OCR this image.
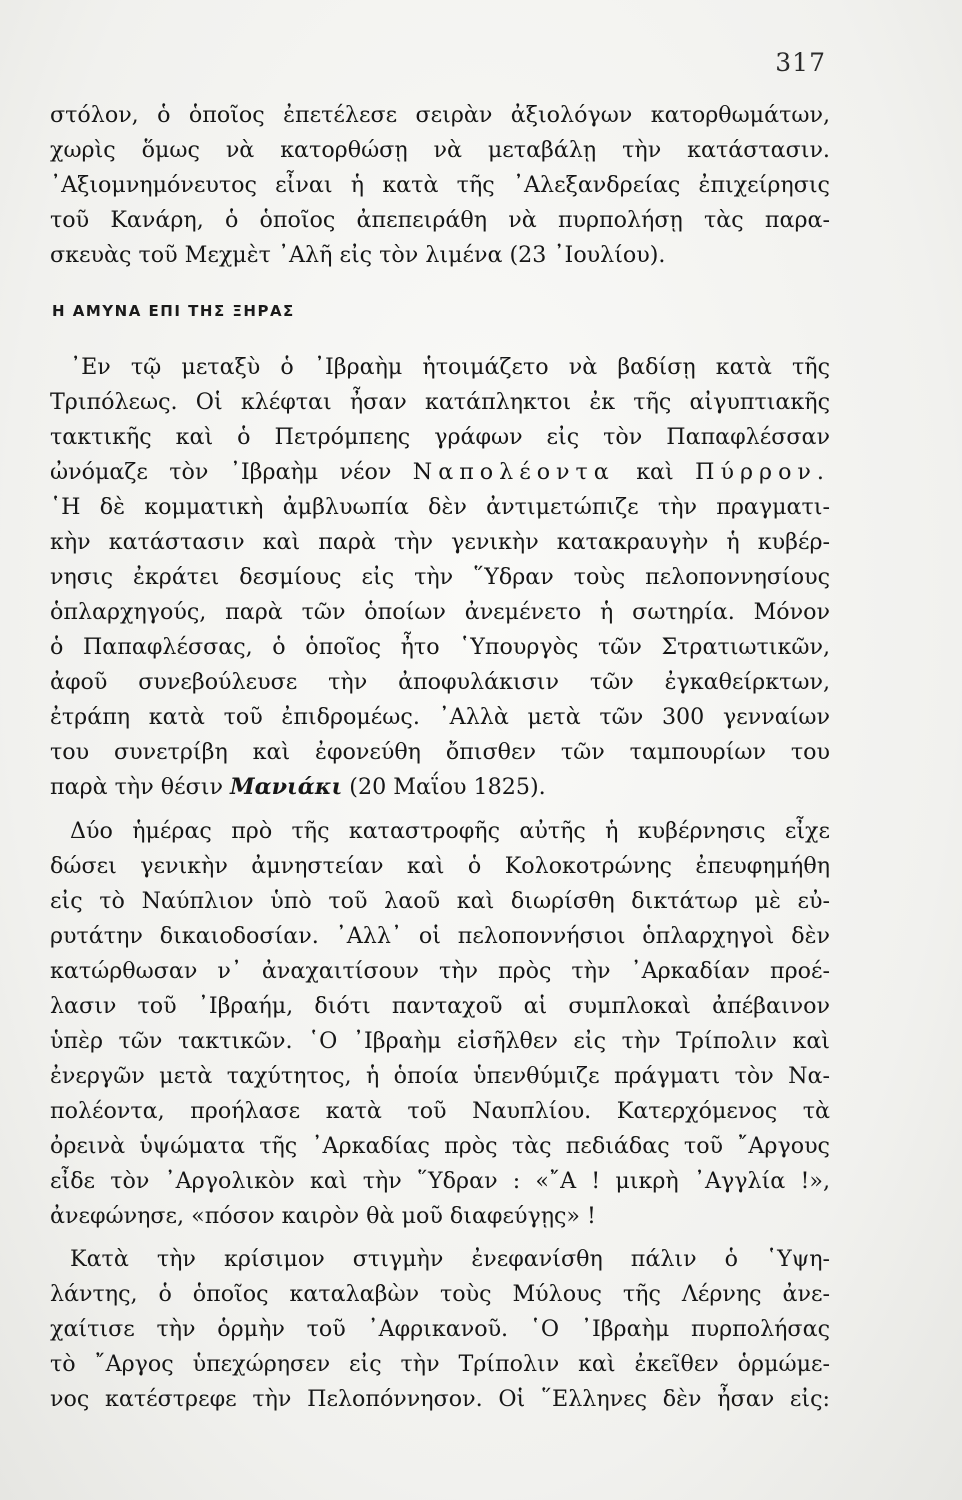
317
στόλον, ὁ ὁποῖος ἐπετέλεσε σειρὰν ἀξιολόγων κατορθωμάτων,
χωρὶς ὅμως νὰ κατορθώσῃ νὰ μεταβάλῃ τὴν κατάστασιν.
᾿Αξιομνημόνευτος εἶναι ἡ κατὰ τῆς ᾿Αλεξανδρείας ἐπιχείρησις
τοῦ Κανάρη, ὁ ὁποῖος ἀπεπειράθη νὰ πυρπολήσῃ τὰς παρα-
σκευὰς τοῦ Μεχμὲτ ᾿Αλῆ εἰς τὸν λιμένα (23 ᾿Ιουλίου).
Η ΑΜΥΝΑ ΕΠΙ ΤΗΣ ΞΗΡΑΣ
᾿Εν τῷ μεταξὺ ὁ ᾿Ιβραὴμ ἡτοιμάζετο νὰ βαδίσῃ κατὰ τῆς
Τριπόλεως. Οἱ κλέφται ἦσαν κατάπληκτοι ἐκ τῆς αἰγυπτιακῆς
τακτικῆς καὶ ὁ Πετρόμπεης γράφων εἰς τὸν Παπαφλέσσαν
ὠνόμαζε τὸν ᾿Ιβραὴμ νέον Ναπολέοντα καὶ Πύρρον.
῾Η δὲ κομματικὴ ἀμβλυωπία δὲν ἀντιμετώπιζε τὴν πραγματι-
κὴν κατάστασιν καὶ παρὰ τὴν γενικὴν κατακραυγὴν ἡ κυβέρ-
νησις ἐκράτει δεσμίους εἰς τὴν ῞Υδραν τοὺς πελοποννησίους
ὁπλαρχηγούς, παρὰ τῶν ὁποίων ἀνεμένετο ἡ σωτηρία. Μόνον
ὁ Παπαφλέσσας, ὁ ὁποῖος ἦτο ῾Υπουργὸς τῶν Στρατιωτικῶν,
ἀφοῦ συνεβούλευσε τὴν ἀποφυλάκισιν τῶν ἐγκαθείρκτων,
ἐτράπη κατὰ τοῦ ἐπιδρομέως. ᾿Αλλὰ μετὰ τῶν 300 γενναίων
του συνετρίβη καὶ ἐφονεύθη ὄπισθεν τῶν ταμπουρίων του
παρὰ τὴν θέσιν Μανιάκι (20 Μαΐου 1825).
Δύο ἡμέρας πρὸ τῆς καταστροφῆς αὐτῆς ἡ κυβέρνησις εἶχε
δώσει γενικὴν ἀμνηστείαν καὶ ὁ Κολοκοτρώνης ἐπευφημήθη
εἰς τὸ Ναύπλιον ὑπὸ τοῦ λαοῦ καὶ διωρίσθη δικτάτωρ μὲ εὐ-
ρυτάτην δικαιοδοσίαν. ᾿Αλλ᾿ οἱ πελοποννήσιοι ὁπλαρχηγοὶ δὲν
κατώρθωσαν ν᾿ ἀναχαιτίσουν τὴν πρὸς τὴν ᾿Αρκαδίαν προέ-
λασιν τοῦ ᾿Ιβραήμ, διότι πανταχοῦ αἱ συμπλοκαὶ ἀπέβαινον
ὑπὲρ τῶν τακτικῶν. ῾Ο ᾿Ιβραὴμ εἰσῆλθεν εἰς τὴν Τρίπολιν καὶ
ἐνεργῶν μετὰ ταχύτητος, ἡ ὁποία ὑπενθύμιζε πράγματι τὸν Να-
πολέοντα, προήλασε κατὰ τοῦ Ναυπλίου. Κατερχόμενος τὰ
ὀρεινὰ ὑψώματα τῆς ᾿Αρκαδίας πρὸς τὰς πεδιάδας τοῦ ῎Αργους
εἶδε τὸν ᾿Αργολικὸν καὶ τὴν ῞Υδραν : «῎Α ! μικρὴ ᾿Αγγλία !»,
ἀνεφώνησε, «πόσον καιρὸν θὰ μοῦ διαφεύγῃς» !
Κατὰ τὴν κρίσιμον στιγμὴν ἐνεφανίσθη πάλιν ὁ ῾Υψη-
λάντης, ὁ ὁποῖος καταλαβὼν τοὺς Μύλους τῆς Λέρνης ἀνε-
χαίτισε τὴν ὁρμὴν τοῦ ᾿Αφρικανοῦ. ῾Ο ᾿Ιβραὴμ πυρπολήσας
τὸ ῎Αργος ὑπεχώρησεν εἰς τὴν Τρίπολιν καὶ ἐκεῖθεν ὁρμώμε-
νος κατέστρεφε τὴν Πελοπόννησον. Οἱ ῞Ελληνες δὲν ἦσαν εἰς:
